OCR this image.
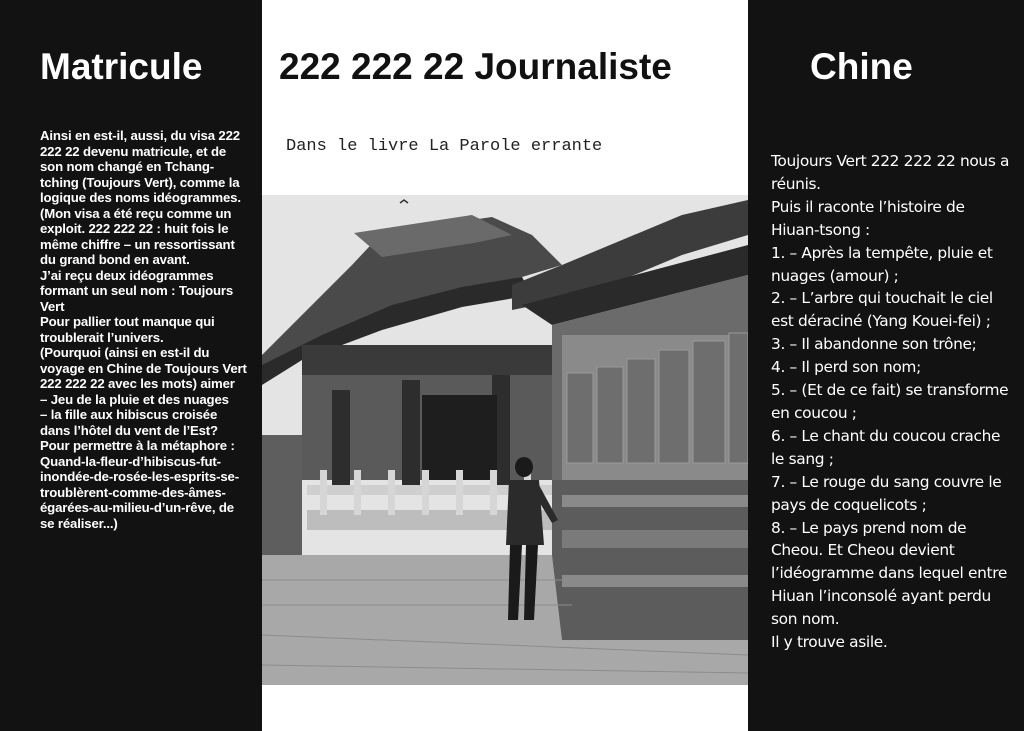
Matricule

Ainsi en est-il, aussi, du visa 222 222 22 devenu matricule, et de son nom changé en Tchang-tching (Toujours Vert), comme la logique des noms idéogrammes.

(Mon visa a été reçu comme un exploit. 222 222 22 : huit fois le même chiffre – un ressortissant du grand bond en avant.

J’ai reçu deux idéogrammes formant un seul nom : Toujours Vert

Pour pallier tout manque qui troublerait l’univers.

(Pourquoi (ainsi en est-il du voyage en Chine de Toujours Vert 222 222 22 avec les mots) aimer

– Jeu de la pluie et des nuages

– la fille aux hibiscus croisée dans l’hôtel du vent de l’Est?

Pour permettre à la métaphore :

Quand-la-fleur-d’hibiscus-fut-inondée-de-rosée-les-esprits-se-troublèrent-comme-des-âmes-égarées-au-milieu-d’un-rêve, de se réaliser...)

222 222 22 Journaliste

Dans le livre La Parole errante

Chine

Toujours Vert 222 222 22 nous a réunis.

Puis il raconte l’histoire de Hiuan-tsong :

1. – Après la tempête, pluie et nuages (amour) ;

2. – L’arbre qui touchait le ciel est déraciné (Yang Kouei-fei) ;

3. – Il abandonne son trône;

4. – Il perd son nom;

5. – (Et de ce fait) se transforme en coucou ;

6. – Le chant du coucou crache le sang ;

7. – Le rouge du sang couvre le pays de coquelicots ;

8. – Le pays prend nom de Cheou. Et Cheou devient l’idéogramme dans lequel entre Hiuan l’inconsolé ayant perdu son nom.

Il y trouve asile.
